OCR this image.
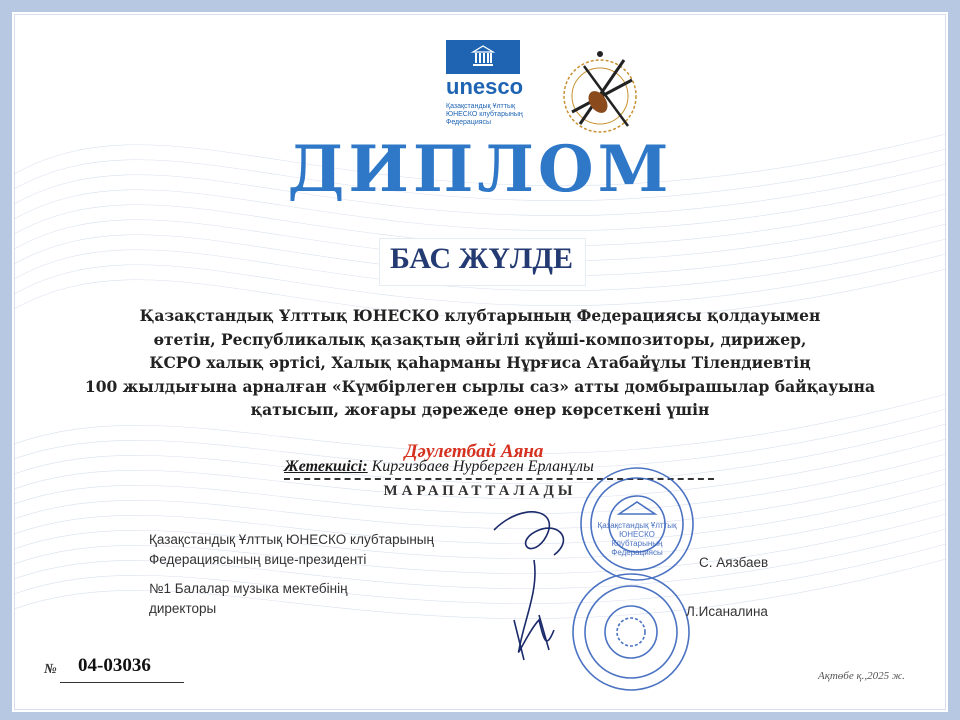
unesco
Қазақстандық Ұлттық
ЮНЕСКО клубтарының
Федерациясы
ДИПЛОМ
БАС ЖҮЛДЕ
Қазақстандық Ұлттық ЮНЕСКО клубтарының Федерациясы қолдауымен
өтетін, Республикалық қазақтың әйгілі күйші-композиторы, дирижер,
КСРО халық әртісі, Халық қаһарманы Нұрғиса Атабайұлы Тілендиевтің
100 жылдығына арналған «Күмбірлеген сырлы саз» атты домбырашылар байқауына
қатысып, жоғары дәрежеде өнер көрсеткені үшін
Дәулетбай Аяна
Жетекшісі: Киргизбаев Нурберген Ерланұлы
МАРАПАТТАЛАДЫ
Қазақстандық Ұлттық ЮНЕСКО клубтарының
Федерациясының вице-президенті
№1 Балалар музыка мектебінің
директоры
Қазақстандық Ұлттық
ЮНЕСКО
Клубтарының
Федерациясы
С. Аязбаев
Л.Исаналина
№ 04-03036	Ақтөбе қ.,2025 ж.
